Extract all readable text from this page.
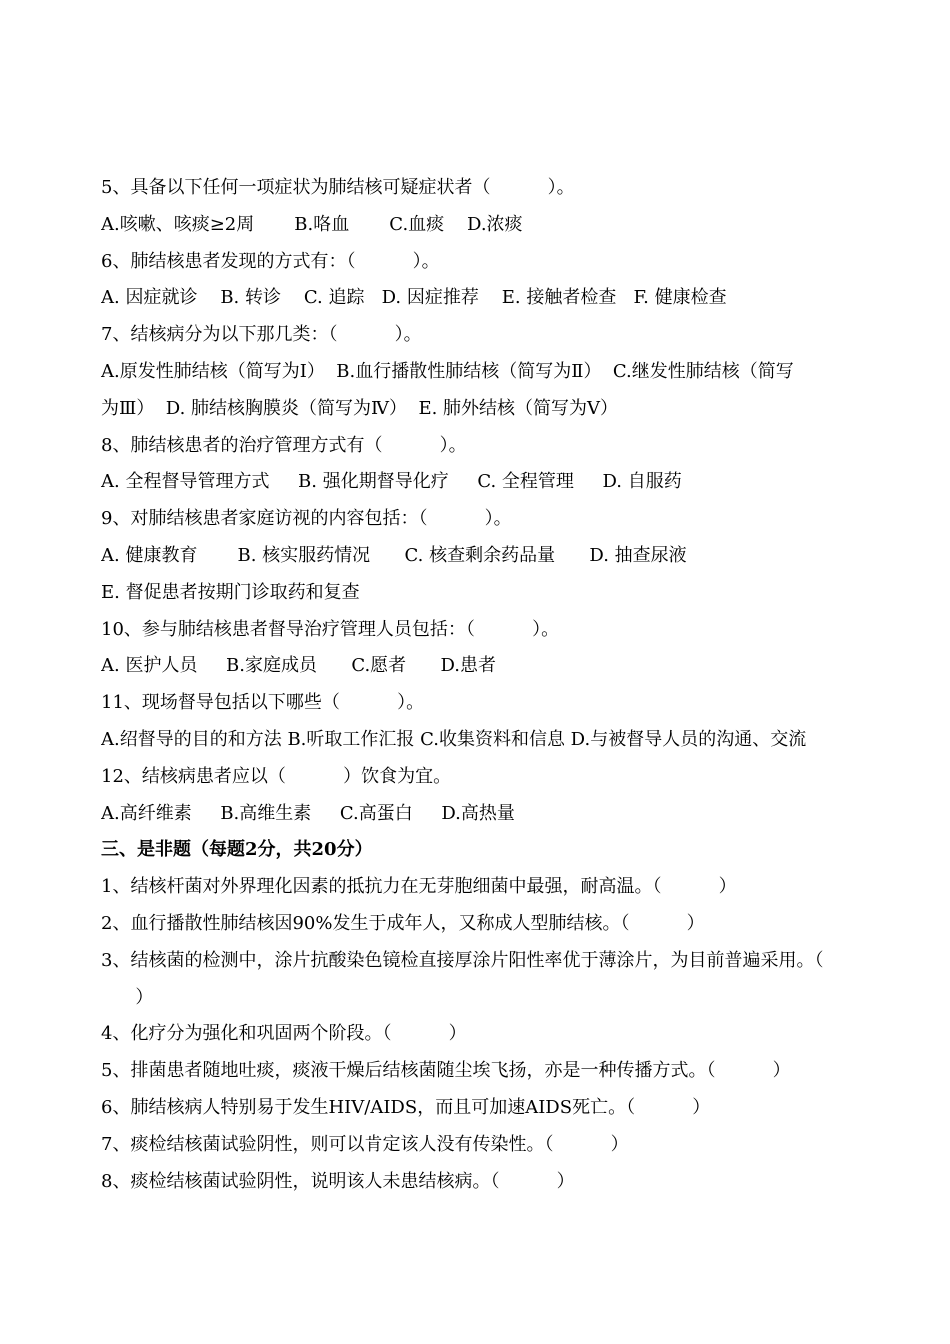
5、具备以下任何一项症状为肺结核可疑症状者（          ）。
A.咳嗽、咳痰≥2周       B.咯血       C.血痰    D.浓痰
6、肺结核患者发现的方式有：（          ）。
A. 因症就诊    B. 转诊    C. 追踪   D. 因症推荐    E. 接触者检查   F. 健康检查
7、结核病分为以下那几类：（          ）。
A.原发性肺结核（简写为Ⅰ）  B.血行播散性肺结核（简写为Ⅱ）  C.继发性肺结核（简写
为Ⅲ）  D. 肺结核胸膜炎（简写为Ⅳ）  E. 肺外结核（简写为Ⅴ）
8、肺结核患者的治疗管理方式有（          ）。
A. 全程督导管理方式     B. 强化期督导化疗     C. 全程管理     D. 自服药
9、对肺结核患者家庭访视的内容包括：（          ）。
A. 健康教育       B. 核实服药情况      C. 核查剩余药品量      D. 抽查尿液
E. 督促患者按期门诊取药和复查
10、参与肺结核患者督导治疗管理人员包括：（          ）。
A. 医护人员     B.家庭成员      C.愿者      D.患者
11、现场督导包括以下哪些（          ）。
A.绍督导的目的和方法 B.听取工作汇报 C.收集资料和信息 D.与被督导人员的沟通、交流
12、结核病患者应以（          ）饮食为宜。
A.高纤维素     B.高维生素     C.高蛋白     D.高热量
三、是非题（每题2分，共20分）
1、结核杆菌对外界理化因素的抵抗力在无芽胞细菌中最强，耐高温。（          ）
2、血行播散性肺结核因90%发生于成年人，又称成人型肺结核。（          ）
3、结核菌的检测中，涂片抗酸染色镜检直接厚涂片阳性率优于薄涂片，为目前普遍采用。（
）
4、化疗分为强化和巩固两个阶段。（          ）
5、排菌患者随地吐痰，痰液干燥后结核菌随尘埃飞扬，亦是一种传播方式。（          ）
6、肺结核病人特别易于发生HIV/AIDS，而且可加速AIDS死亡。（          ）
7、痰检结核菌试验阴性，则可以肯定该人没有传染性。（          ）
8、痰检结核菌试验阴性，说明该人未患结核病。（          ）
